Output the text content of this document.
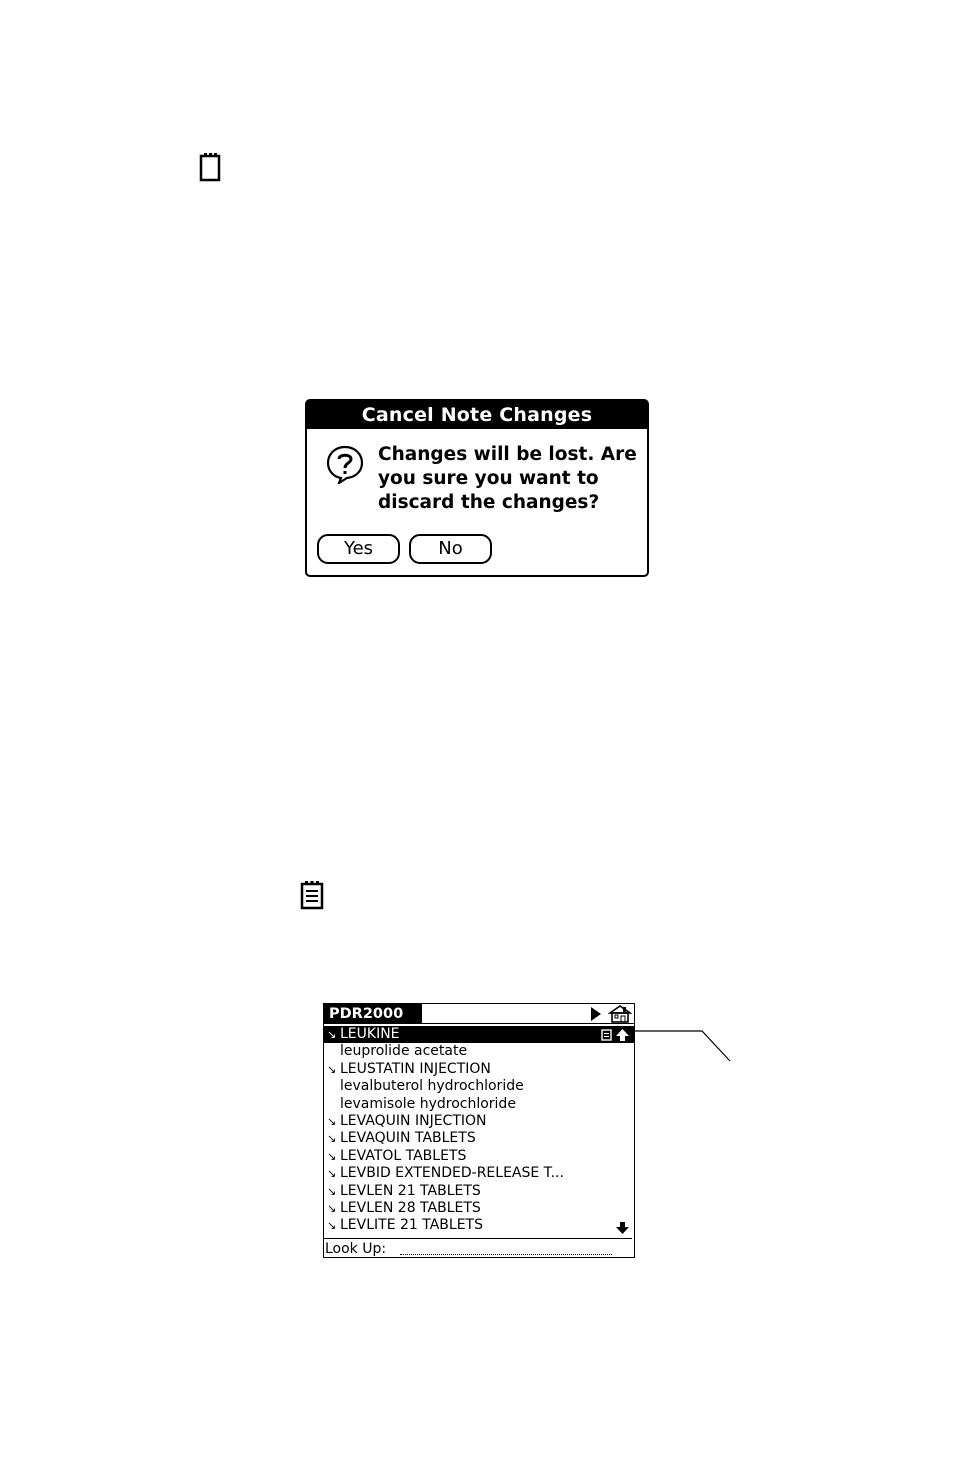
Cancel Note Changes
Changes will be lost. Are you sure you want to discard the changes?
Yes	No
PDR2000
↘ LEUKINE
leuprolide acetate
↘ LEUSTATIN INJECTION
levalbuterol hydrochloride
levamisole hydrochloride
↘ LEVAQUIN INJECTION
↘ LEVAQUIN TABLETS
↘ LEVATOL TABLETS
↘ LEVBID EXTENDED-RELEASE T...
↘ LEVLEN 21 TABLETS
↘ LEVLEN 28 TABLETS
↘ LEVLITE 21 TABLETS
Look Up:
